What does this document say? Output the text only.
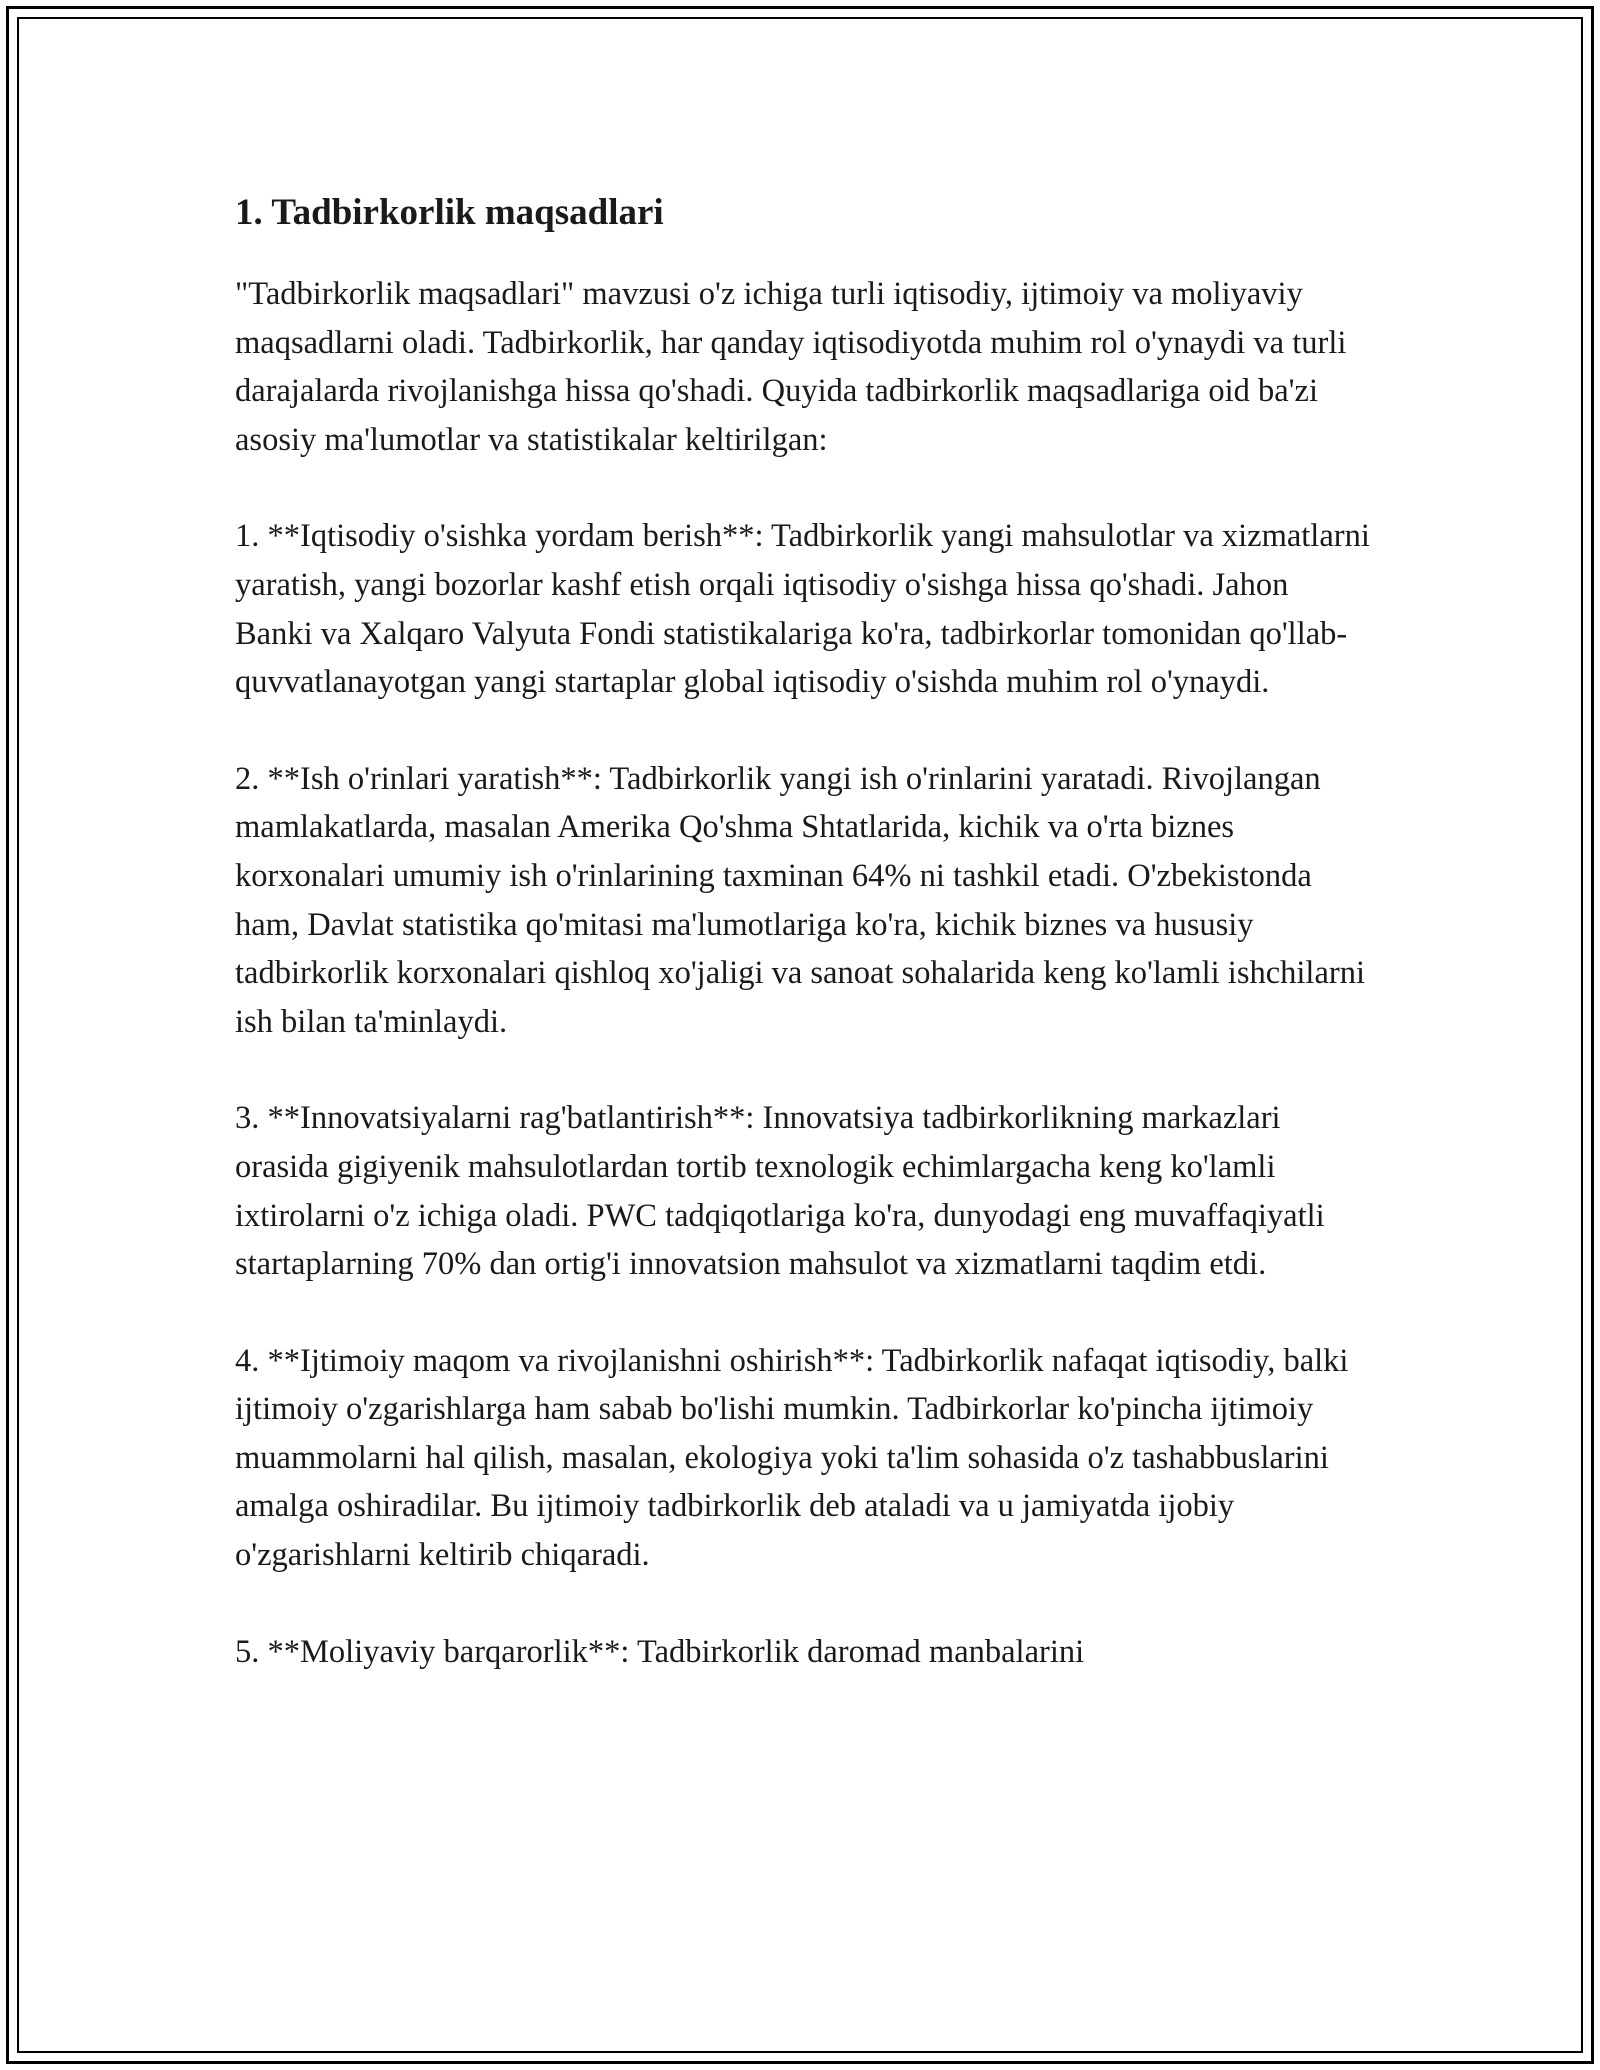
1. Tadbirkorlik maqsadlari

"Tadbirkorlik maqsadlari" mavzusi o'z ichiga turli iqtisodiy, ijtimoiy va moliyaviy maqsadlarni oladi. Tadbirkorlik, har qanday iqtisodiyotda muhim rol o'ynaydi va turli darajalarda rivojlanishga hissa qo'shadi. Quyida tadbirkorlik maqsadlariga oid ba'zi asosiy ma'lumotlar va statistikalar keltirilgan:

1. **Iqtisodiy o'sishka yordam berish**: Tadbirkorlik yangi mahsulotlar va xizmatlarni yaratish, yangi bozorlar kashf etish orqali iqtisodiy o'sishga hissa qo'shadi. Jahon Banki va Xalqaro Valyuta Fondi statistikalariga ko'ra, tadbirkorlar tomonidan qo'llab-quvvatlanayotgan yangi startaplar global iqtisodiy o'sishda muhim rol o'ynaydi.

2. **Ish o'rinlari yaratish**: Tadbirkorlik yangi ish o'rinlarini yaratadi. Rivojlangan mamlakatlarda, masalan Amerika Qo'shma Shtatlarida, kichik va o'rta biznes korxonalari umumiy ish o'rinlarining taxminan 64% ni tashkil etadi. O'zbekistonda ham, Davlat statistika qo'mitasi ma'lumotlariga ko'ra, kichik biznes va hususiy tadbirkorlik korxonalari qishloq xo'jaligi va sanoat sohalarida keng ko'lamli ishchilarni ish bilan ta'minlaydi.

3. **Innovatsiyalarni rag'batlantirish**: Innovatsiya tadbirkorlikning markazlari orasida gigiyenik mahsulotlardan tortib texnologik echimlargacha keng ko'lamli ixtirolarni o'z ichiga oladi. PWC tadqiqotlariga ko'ra, dunyodagi eng muvaffaqiyatli startaplarning 70% dan ortig'i innovatsion mahsulot va xizmatlarni taqdim etdi.

4. **Ijtimoiy maqom va rivojlanishni oshirish**: Tadbirkorlik nafaqat iqtisodiy, balki ijtimoiy o'zgarishlarga ham sabab bo'lishi mumkin. Tadbirkorlar ko'pincha ijtimoiy muammolarni hal qilish, masalan, ekologiya yoki ta'lim sohasida o'z tashabbuslarini amalga oshiradilar. Bu ijtimoiy tadbirkorlik deb ataladi va u jamiyatda ijobiy o'zgarishlarni keltirib chiqaradi.

5. **Moliyaviy barqarorlik**: Tadbirkorlik daromad manbalarini
